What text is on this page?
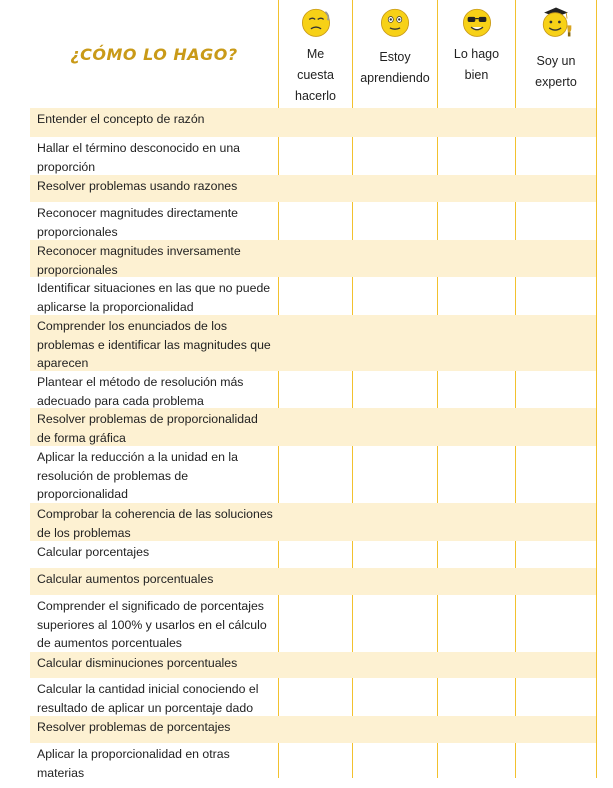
¿CÓMO LO HAGO?	Me
cuesta
hacerlo
Estoy
aprendiendo
Lo hago
bien
Soy un
experto
Entender el concepto de razón
Hallar el término desconocido en una proporción
Resolver problemas usando razones
Reconocer magnitudes directamente proporcionales
Reconocer magnitudes inversamente proporcionales
Identificar situaciones en las que no puede aplicarse la proporcionalidad
Comprender los enunciados de los problemas e identificar las magnitudes que aparecen
Plantear el método de resolución más adecuado para cada problema
Resolver problemas de proporcionalidad de forma gráfica
Aplicar la reducción a la unidad en la resolución de problemas de proporcionalidad
Comprobar la coherencia de las soluciones de los problemas
Calcular porcentajes
Calcular aumentos porcentuales
Comprender el significado de porcentajes superiores al 100% y usarlos en el cálculo de aumentos porcentuales
Calcular disminuciones porcentuales
Calcular la cantidad inicial conociendo el resultado de aplicar un porcentaje dado
Resolver problemas de porcentajes
Aplicar la proporcionalidad en otras materias
